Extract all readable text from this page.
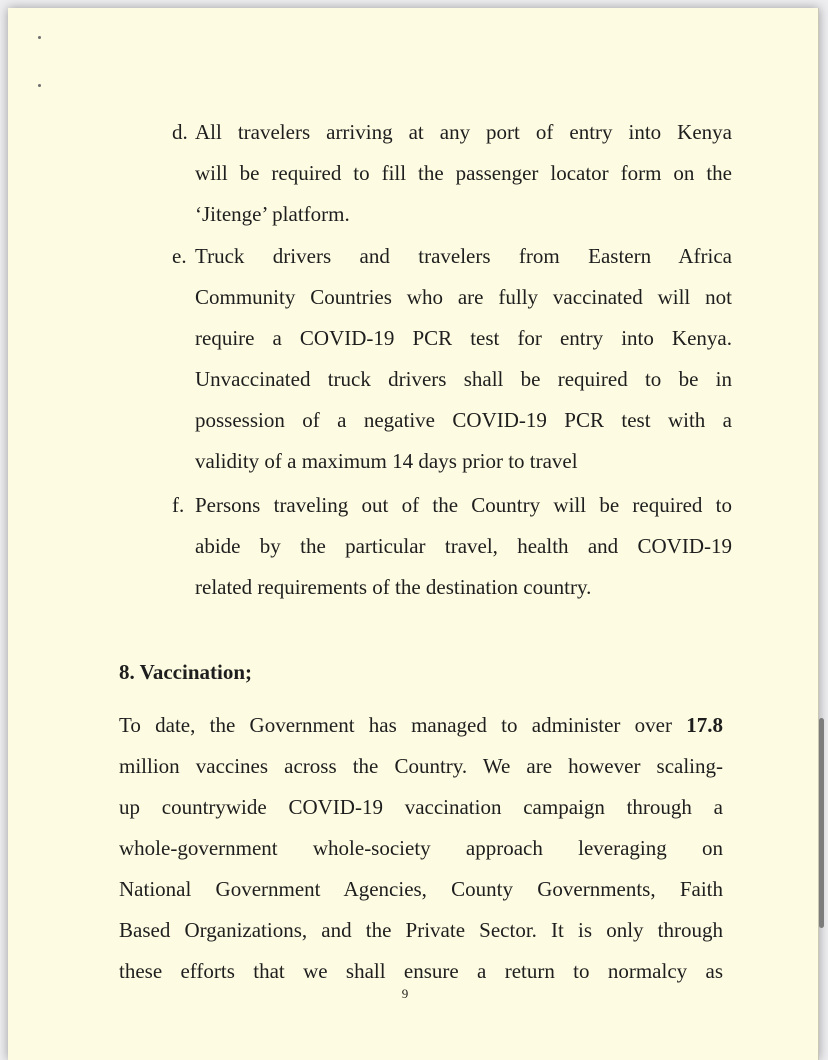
d. All travelers arriving at any port of entry into Kenya
will be required to fill the passenger locator form on the
‘Jitenge’ platform.
e. Truck drivers and travelers from Eastern Africa
Community Countries who are fully vaccinated will not
require a COVID-19 PCR test for entry into Kenya.
Unvaccinated truck drivers shall be required to be in
possession of a negative COVID-19 PCR test with a
validity of a maximum 14 days prior to travel
f. Persons traveling out of the Country will be required to
abide by the particular travel, health and COVID-19
related requirements of the destination country.
8. Vaccination;
To date, the Government has managed to administer over 17.8
million vaccines across the Country. We are however scaling-
up countrywide COVID-19 vaccination campaign through a
whole-government whole-society approach leveraging on
National Government Agencies, County Governments, Faith
Based Organizations, and the Private Sector. It is only through
these efforts that we shall ensure a return to normalcy as
9
